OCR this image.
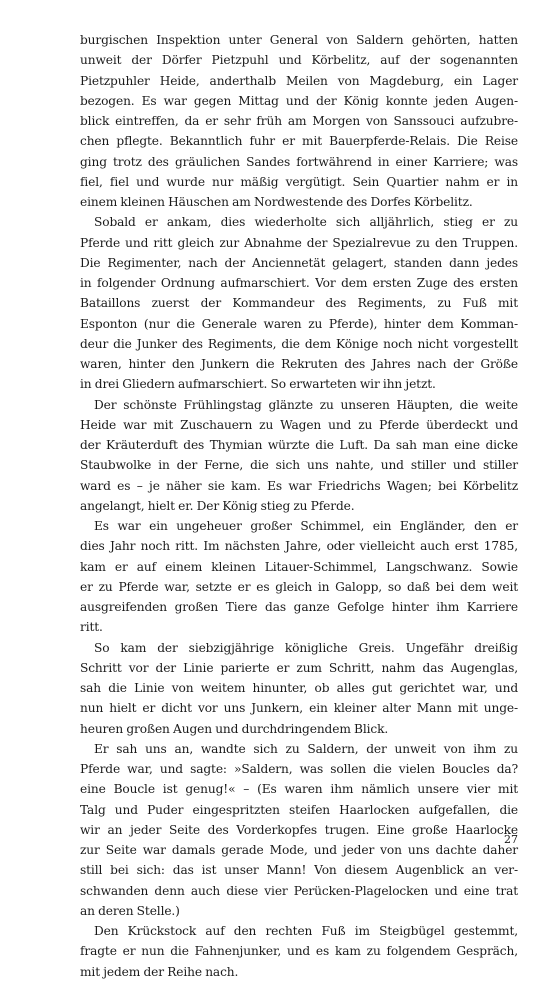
burgischen Inspektion unter General von Saldern gehörten, hatten
unweit der Dörfer Pietzpuhl und Körbelitz, auf der sogenannten
Pietzpuhler Heide, anderthalb Meilen von Magdeburg, ein Lager
bezogen. Es war gegen Mittag und der König konnte jeden Augen-
blick eintreffen, da er sehr früh am Morgen von Sanssouci aufzubre-
chen pflegte. Bekanntlich fuhr er mit Bauerpferde-Relais. Die Reise
ging trotz des gräulichen Sandes fortwährend in einer Karriere; was
fiel, fiel und wurde nur mäßig vergütigt. Sein Quartier nahm er in
einem kleinen Häuschen am Nordwestende des Dorfes Körbelitz.
Sobald er ankam, dies wiederholte sich alljährlich, stieg er zu
Pferde und ritt gleich zur Abnahme der Spezialrevue zu den Truppen.
Die Regimenter, nach der Anciennetät gelagert, standen dann jedes
in folgender Ordnung aufmarschiert. Vor dem ersten Zuge des ersten
Bataillons zuerst der Kommandeur des Regiments, zu Fuß mit
Esponton (nur die Generale waren zu Pferde), hinter dem Komman-
deur die Junker des Regiments, die dem Könige noch nicht vorgestellt
waren, hinter den Junkern die Rekruten des Jahres nach der Größe
in drei Gliedern aufmarschiert. So erwarteten wir ihn jetzt.
Der schönste Frühlingstag glänzte zu unseren Häupten, die weite
Heide war mit Zuschauern zu Wagen und zu Pferde überdeckt und
der Kräuterduft des Thymian würzte die Luft. Da sah man eine dicke
Staubwolke in der Ferne, die sich uns nahte, und stiller und stiller
ward es – je näher sie kam. Es war Friedrichs Wagen; bei Körbelitz
angelangt, hielt er. Der König stieg zu Pferde.
Es war ein ungeheuer großer Schimmel, ein Engländer, den er
dies Jahr noch ritt. Im nächsten Jahre, oder vielleicht auch erst 1785,
kam er auf einem kleinen Litauer-Schimmel, Langschwanz. Sowie
er zu Pferde war, setzte er es gleich in Galopp, so daß bei dem weit
ausgreifenden großen Tiere das ganze Gefolge hinter ihm Karriere
ritt.
So kam der siebzigjährige königliche Greis. Ungefähr dreißig
Schritt vor der Linie parierte er zum Schritt, nahm das Augenglas,
sah die Linie von weitem hinunter, ob alles gut gerichtet war, und
nun hielt er dicht vor uns Junkern, ein kleiner alter Mann mit unge-
heuren großen Augen und durchdringendem Blick.
Er sah uns an, wandte sich zu Saldern, der unweit von ihm zu
Pferde war, und sagte: »Saldern, was sollen die vielen Boucles da?
eine Boucle ist genug!« – (Es waren ihm nämlich unsere vier mit
Talg und Puder eingespritzten steifen Haarlocken aufgefallen, die
wir an jeder Seite des Vorderkopfes trugen. Eine große Haarlocke
zur Seite war damals gerade Mode, und jeder von uns dachte daher
still bei sich: das ist unser Mann! Von diesem Augenblick an ver-
schwanden denn auch diese vier Perücken-Plagelocken und eine trat
an deren Stelle.)
Den Krückstock auf den rechten Fuß im Steigbügel gestemmt,
fragte er nun die Fahnenjunker, und es kam zu folgendem Gespräch,
mit jedem der Reihe nach.
27
